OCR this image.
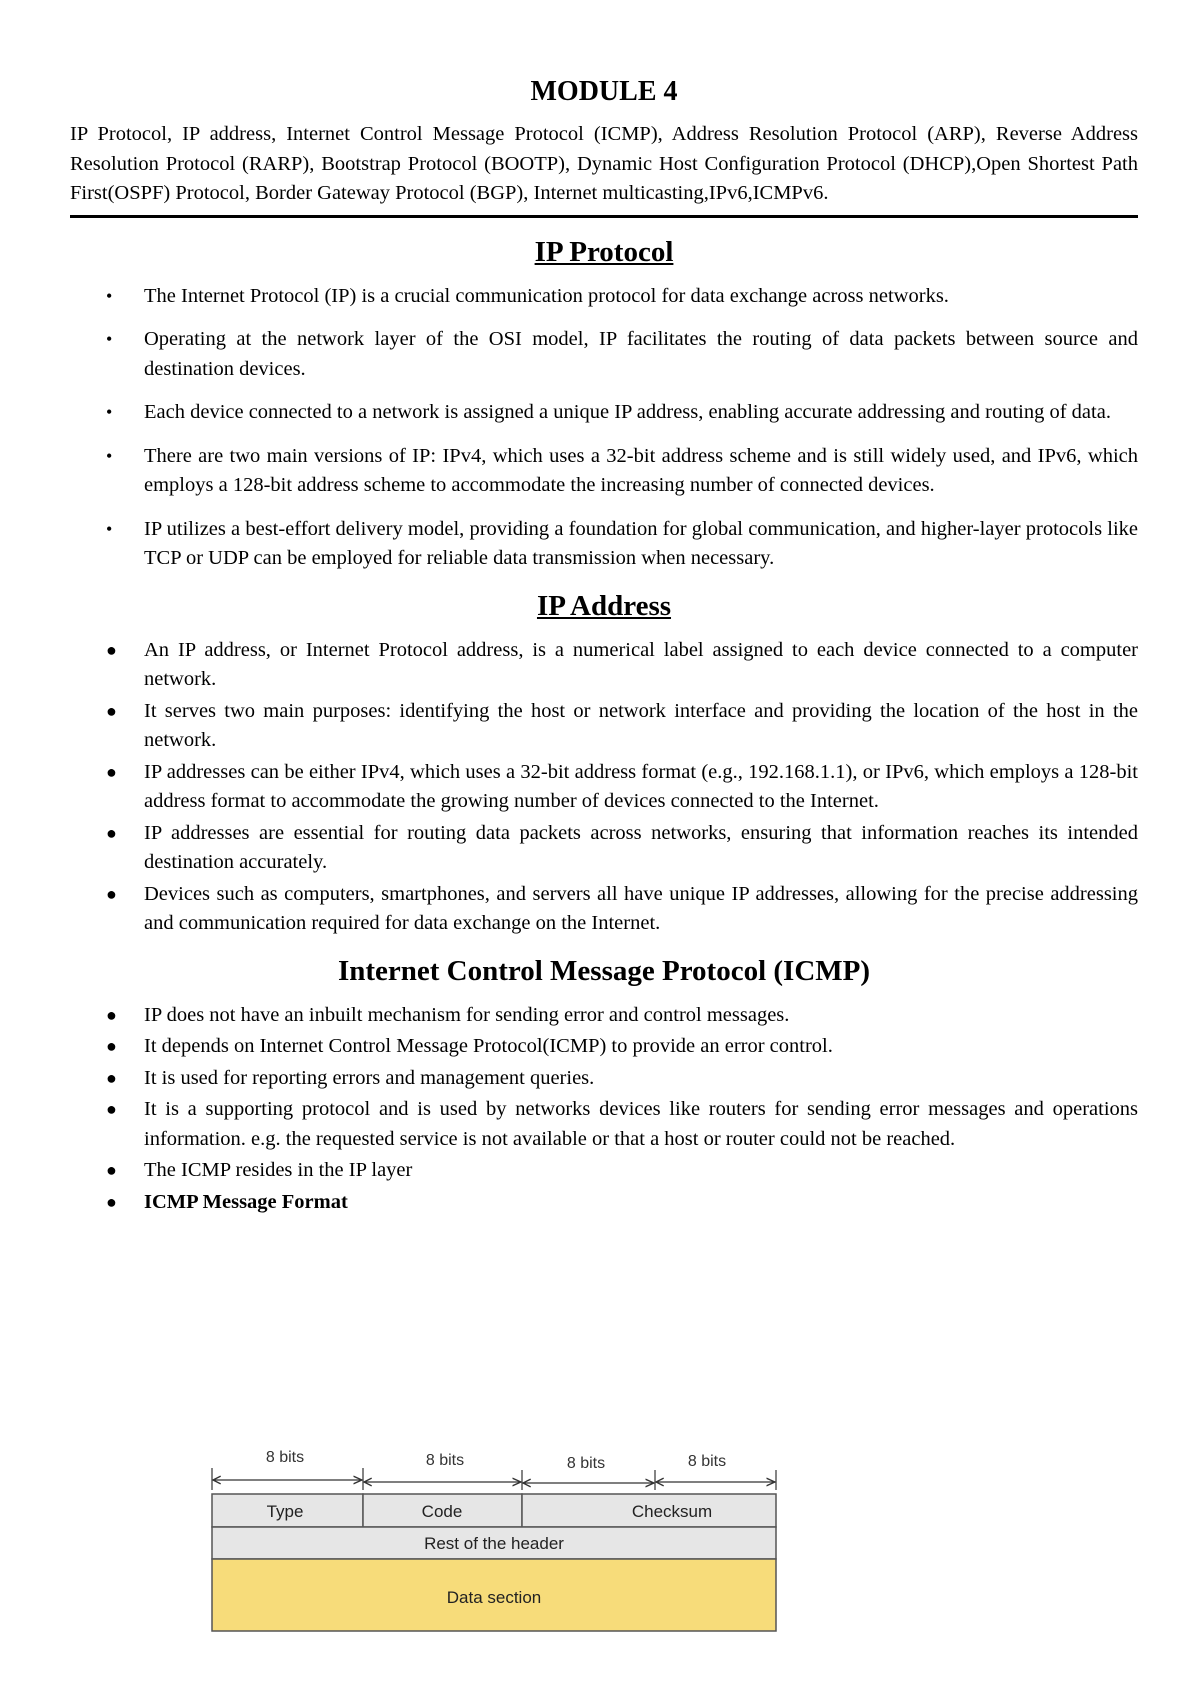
MODULE 4

IP Protocol, IP address, Internet Control Message Protocol (ICMP), Address Resolution Protocol (ARP), Reverse Address Resolution Protocol (RARP), Bootstrap Protocol (BOOTP), Dynamic Host Configuration Protocol (DHCP),Open Shortest Path First(OSPF) Protocol, Border Gateway Protocol (BGP), Internet multicasting,IPv6,ICMPv6.

IP Protocol
• The Internet Protocol (IP) is a crucial communication protocol for data exchange across networks.
• Operating at the network layer of the OSI model, IP facilitates the routing of data packets between source and destination devices.
• Each device connected to a network is assigned a unique IP address, enabling accurate addressing and routing of data.
• There are two main versions of IP: IPv4, which uses a 32-bit address scheme and is still widely used, and IPv6, which employs a 128-bit address scheme to accommodate the increasing number of connected devices.
• IP utilizes a best-effort delivery model, providing a foundation for global communication, and higher-layer protocols like TCP or UDP can be employed for reliable data transmission when necessary.
IP Address
● An IP address, or Internet Protocol address, is a numerical label assigned to each device connected to a computer network.
● It serves two main purposes: identifying the host or network interface and providing the location of the host in the network.
● IP addresses can be either IPv4, which uses a 32-bit address format (e.g., 192.168.1.1), or IPv6, which employs a 128-bit address format to accommodate the growing number of devices connected to the Internet.
● IP addresses are essential for routing data packets across networks, ensuring that information reaches its intended destination accurately.
● Devices such as computers, smartphones, and servers all have unique IP addresses, allowing for the precise addressing and communication required for data exchange on the Internet.
Internet Control Message Protocol (ICMP)
● IP does not have an inbuilt mechanism for sending error and control messages.
● It depends on Internet Control Message Protocol(ICMP) to provide an error control.
● It is used for reporting errors and management queries.
● It is a supporting protocol and is used by networks devices like routers for sending error messages and operations information. e.g. the requested service is not available or that a host or router could not be reached.
● The ICMP resides in the IP layer
● ICMP Message Format
8 bits	8 bits	8 bits	8 bits
Type	Code	Checksum
Rest of the header
Data section
